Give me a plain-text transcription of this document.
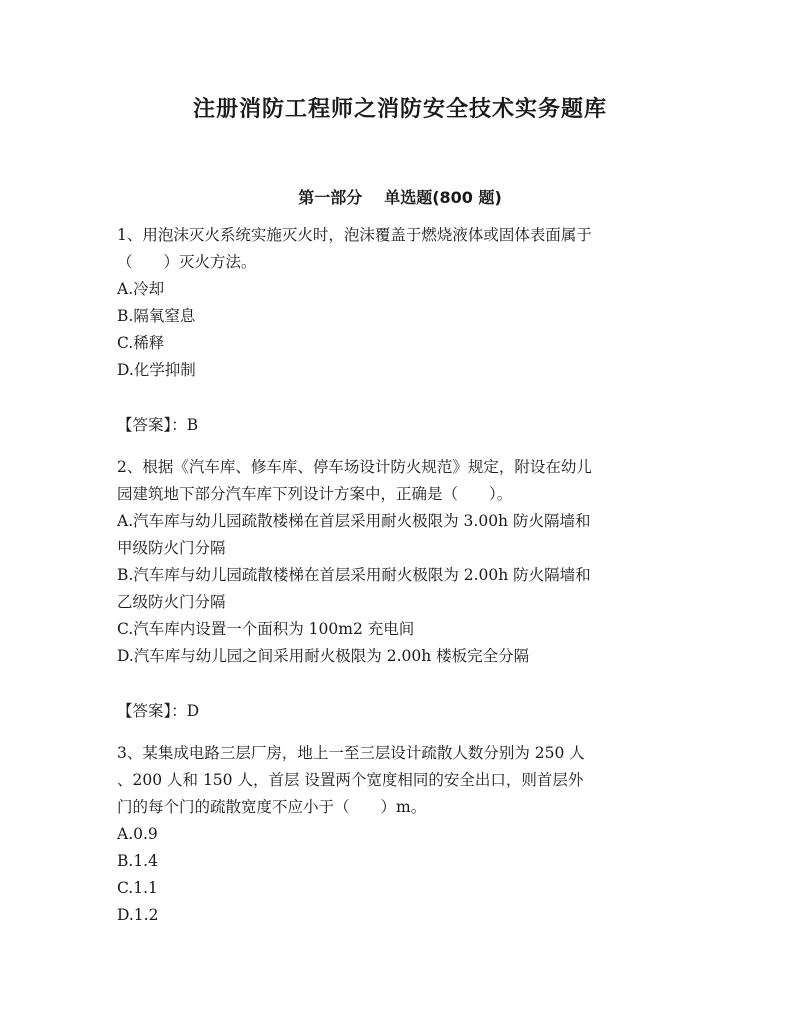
注册消防工程师之消防安全技术实务题库
第一部分 单选题(800 题)
1、用泡沫灭火系统实施灭火时，泡沫覆盖于燃烧液体或固体表面属于
（　　）灭火方法。
A.冷却
B.隔氧窒息
C.稀释
D.化学抑制
【答案】：B
2、根据《汽车库、修车库、停车场设计防火规范》规定，附设在幼儿
园建筑地下部分汽车库下列设计方案中，正确是（　　）。
A.汽车库与幼儿园疏散楼梯在首层采用耐火极限为 3.00h 防火隔墙和
甲级防火门分隔
B.汽车库与幼儿园疏散楼梯在首层采用耐火极限为 2.00h 防火隔墙和
乙级防火门分隔
C.汽车库内设置一个面积为 100m2 充电间
D.汽车库与幼儿园之间采用耐火极限为 2.00h 楼板完全分隔
【答案】：D
3、某集成电路三层厂房，地上一至三层设计疏散人数分别为 250 人
、200 人和 150 人，首层 设置两个宽度相同的安全出口，则首层外
门的每个门的疏散宽度不应小于（　　）m。
A.0.9
B.1.4
C.1.1
D.1.2
